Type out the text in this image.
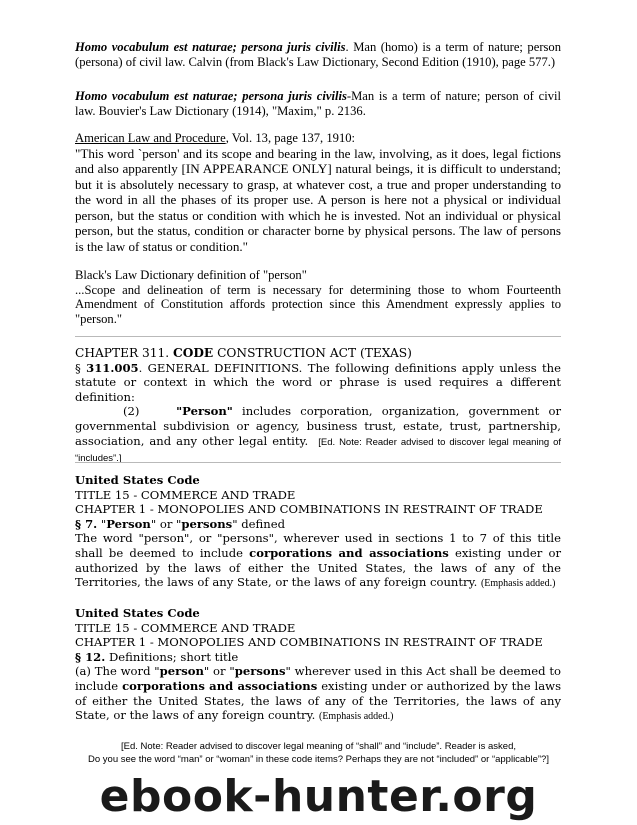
Homo vocabulum est naturae; persona juris civilis. Man (homo) is a term of nature; person (persona) of civil law. Calvin (from Black's Law Dictionary, Second Edition (1910), page 577.)

Homo vocabulum est naturae; persona juris civilis-Man is a term of nature; person of civil law. Bouvier's Law Dictionary (1914), "Maxim," p. 2136.

American Law and Procedure, Vol. 13, page 137, 1910:

"This word `person' and its scope and bearing in the law, involving, as it does, legal fictions and also apparently [IN APPEARANCE ONLY] natural beings, it is difficult to understand; but it is absolutely necessary to grasp, at whatever cost, a true and proper understanding to the word in all the phases of its proper use. A person is here not a physical or individual person, but the status or condition with which he is invested. Not an individual or physical person, but the status, condition or character borne by physical persons. The law of persons is the law of status or condition."

Black's Law Dictionary definition of "person"

...Scope and delineation of term is necessary for determining those to whom Fourteenth Amendment of Constitution affords protection since this Amendment expressly applies to "person."

CHAPTER 311. CODE CONSTRUCTION ACT (TEXAS)

§ 311.005. GENERAL DEFINITIONS. The following definitions apply unless the statute or context in which the word or phrase is used requires a different definition:

(2)	"Person" includes corporation, organization, government or governmental subdivision or agency, business trust, estate, trust, partnership, association, and any other legal entity. [Ed. Note: Reader advised to discover legal meaning of “includes”.]

United States Code

TITLE 15 - COMMERCE AND TRADE

CHAPTER 1 - MONOPOLIES AND COMBINATIONS IN RESTRAINT OF TRADE

§ 7. "Person" or "persons" defined

The word "person", or "persons", wherever used in sections 1 to 7 of this title shall be deemed to include corporations and associations existing under or authorized by the laws of either the United States, the laws of any of the Territories, the laws of any State, or the laws of any foreign country. (Emphasis added.)

United States Code

TITLE 15 - COMMERCE AND TRADE

CHAPTER 1 - MONOPOLIES AND COMBINATIONS IN RESTRAINT OF TRADE

§ 12. Definitions; short title

(a) The word "person" or "persons" wherever used in this Act shall be deemed to include corporations and associations existing under or authorized by the laws of either the United States, the laws of any of the Territories, the laws of any State, or the laws of any foreign country. (Emphasis added.)

[Ed. Note: Reader advised to discover legal meaning of “shall” and “include”. Reader is asked,
Do you see the word “man” or “woman” in these code items? Perhaps they are not “included” or “applicable”?]
ebook-hunter.org
